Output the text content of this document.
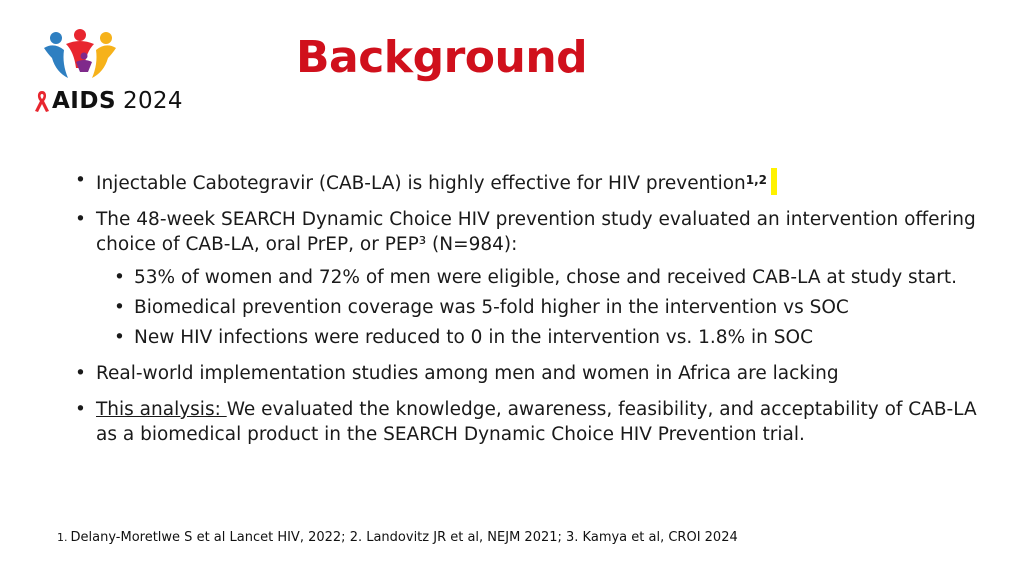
AIDS 2024
Background
• Injectable Cabotegravir (CAB-LA) is highly effective for HIV prevention$^{1,2}$
• The 48-week SEARCH Dynamic Choice HIV prevention study evaluated an intervention offering choice of CAB-LA, oral PrEP, or PEP³ (N=984):
• 53% of women and 72% of men were eligible, chose and received CAB-LA at study start.
• Biomedical prevention coverage was 5-fold higher in the intervention vs SOC
• New HIV infections were reduced to 0 in the intervention vs. 1.8% in SOC
• Real-world implementation studies among men and women in Africa are lacking
• This analysis: We evaluated the knowledge, awareness, feasibility, and acceptability of CAB-LA as a biomedical product in the SEARCH Dynamic Choice HIV Prevention trial.
1. Delany-Moretlwe S et al Lancet HIV, 2022; 2. Landovitz JR et al, NEJM 2021; 3. Kamya et al, CROI 2024
